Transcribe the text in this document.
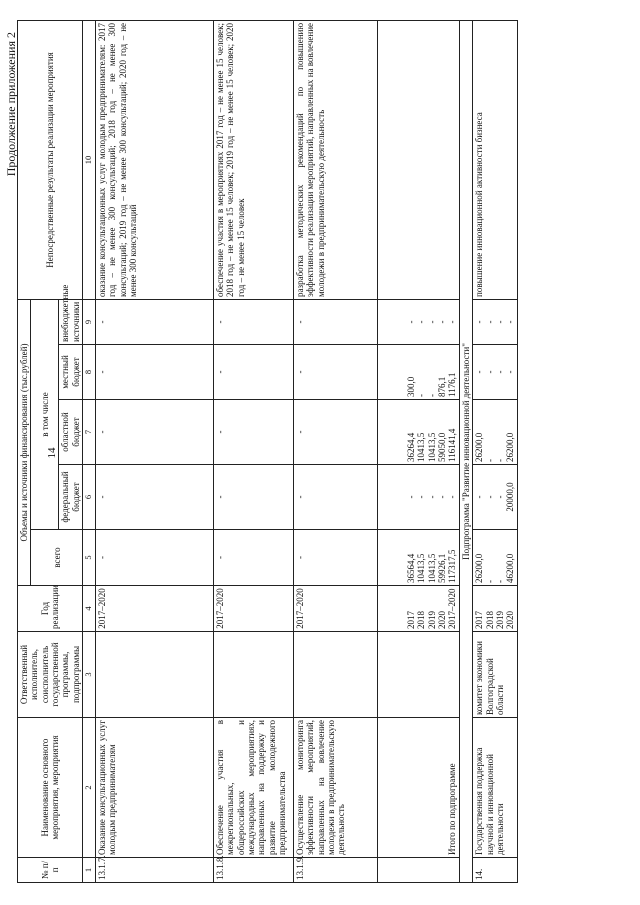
Продолжение приложения 2
14
№ п/п	Наименование основного мероприятия, мероприятия	Ответственный исполнитель, соисполнитель государственной программы, подпрограммы	Год реализации	Объемы и источники финансирования (тыс.рублей)					Непосредственные результаты реализации мероприятия
				всего	в том числе				
					федеральный бюджет	областной бюджет	местный бюджет	внебюджетные источники	
1	2	3	4	5	6	7	8	9	10
13.1.7.	Оказание консультационных услуг молодым предпринимателям		2017–2020	-	-	-	-	-	оказание консультационных услуг молодым предпринимателям: 2017 год – не менее 300 консультаций; 2018 год – не менее 300 консультаций; 2019 год – не менее 300 консультаций; 2020 год – не менее 300 консультаций
13.1.8.	Обеспечение участия в межрегиональных, общероссийских и международных мероприятиях, направленных на поддержку и развитие молодежного предпринимательства		2017–2020	-	-	-	-	-	обеспечение участия в мероприятиях 2017 год – не менее 15 человек; 2018 год – не менее 15 человек; 2019 год – не менее 15 человек; 2020 год – не менее 15 человек
13.1.9.	Осуществление мониторинга эффективности мероприятий, направленных на вовлечение молодежи в предпринимательскую деятельность		2017–2020	-	-	-	-	-	разработка методических рекомендаций по повышению эффективности реализации мероприятий, направленных на вовлечение молодежи в предпринимательскую деятельность
	Итого по подпрограмме		2017 2018 2019 2020 2017–2020	36564,4 10413,5 10413,5 59926,1 117317,5	- - - - -	36264,4 10413,5 10413,5 59050,0 116141,4	300,0 - - 876,1 1176,1	- - - - -	

Подпрограмма "Развитие инновационной деятельности"									
14.	Государственная поддержка научной и инновационной деятельности	комитет экономики Волгоградской области	2017 2018 2019 2020	26200,0 - - 46200,0	- - - 20000,0	26200,0 - - 26200,0	- - - -	- - - -	повышение инновационной активности бизнеса
